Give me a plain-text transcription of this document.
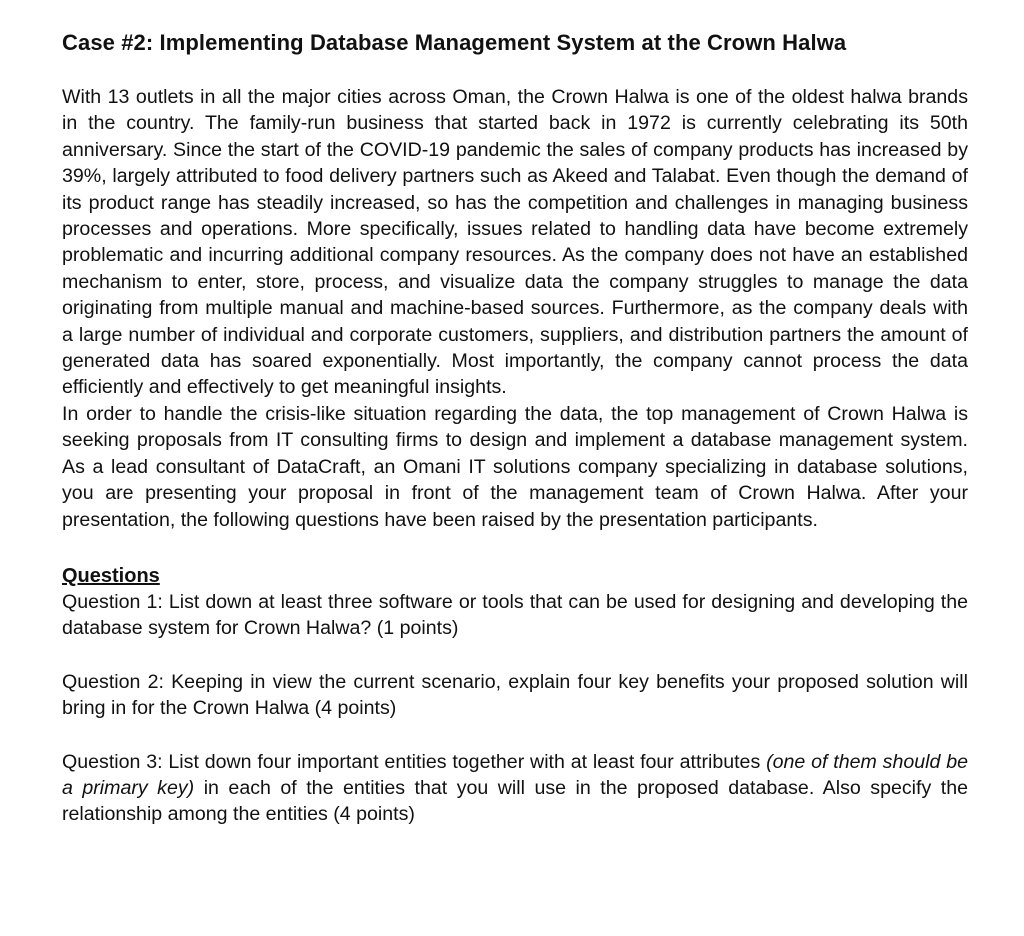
Case #2: Implementing Database Management System at the Crown Halwa

With 13 outlets in all the major cities across Oman, the Crown Halwa is one of the oldest halwa brands in the country. The family-run business that started back in 1972 is currently celebrating its 50th anniversary. Since the start of the COVID-19 pandemic the sales of company products has increased by 39%, largely attributed to food delivery partners such as Akeed and Talabat. Even though the demand of its product range has steadily increased, so has the competition and challenges in managing business processes and operations. More specifically, issues related to handling data have become extremely problematic and incurring additional company resources. As the company does not have an established mechanism to enter, store, process, and visualize data the company struggles to manage the data originating from multiple manual and machine-based sources. Furthermore, as the company deals with a large number of individual and corporate customers, suppliers, and distribution partners the amount of generated data has soared exponentially. Most importantly, the company cannot process the data efficiently and effectively to get meaningful insights.

In order to handle the crisis-like situation regarding the data, the top management of Crown Halwa is seeking proposals from IT consulting firms to design and implement a database management system. As a lead consultant of DataCraft, an Omani IT solutions company specializing in database solutions, you are presenting your proposal in front of the management team of Crown Halwa. After your presentation, the following questions have been raised by the presentation participants.

Questions

Question 1: List down at least three software or tools that can be used for designing and developing the database system for Crown Halwa? (1 points)

Question 2: Keeping in view the current scenario, explain four key benefits your proposed solution will bring in for the Crown Halwa (4 points)

Question 3: List down four important entities together with at least four attributes (one of them should be a primary key) in each of the entities that you will use in the proposed database. Also specify the relationship among the entities (4 points)
